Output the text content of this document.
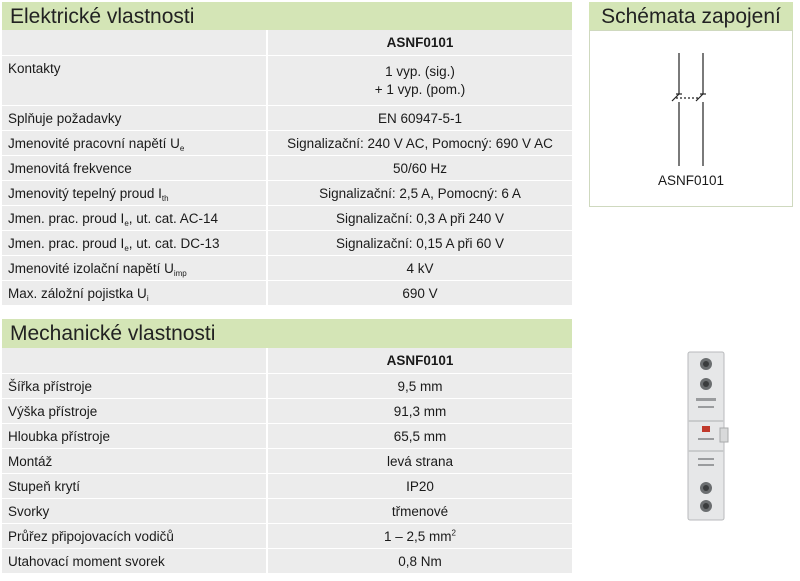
Elektrické vlastnosti
	ASNF0101
Kontakty	1 vyp. (sig.)
+ 1 vyp. (pom.)

Splňuje požadavky	EN 60947-5-1
Jmenovité pracovní napětí $U_e$	Signalizační: 240 V AC, Pomocný: 690 V AC
Jmenovitá frekvence	50/60 Hz
Jmenovitý tepelný proud $I_{th}$	Signalizační: 2,5 A, Pomocný: 6 A
Jmen. prac. proud $I_e$, ut. cat. AC-14	Signalizační: 0,3 A při 240 V
Jmen. prac. proud $I_e$, ut. cat. DC-13	Signalizační: 0,15 A při 60 V
Jmenovité izolační napětí $U_{imp}$	4 kV
Max. záložní pojistka $U_i$	690 V
Mechanické vlastnosti
	ASNF0101
Šířka přístroje	9,5 mm
Výška přístroje	91,3 mm
Hloubka přístroje	65,5 mm
Montáž	levá strana
Stupeň krytí	IP20
Svorky	třmenové
Průřez připojovacích vodičů	1 – 2,5 $mm^2$
Utahovací moment svorek	0,8 Nm
Schémata zapojení
ASNF0101
